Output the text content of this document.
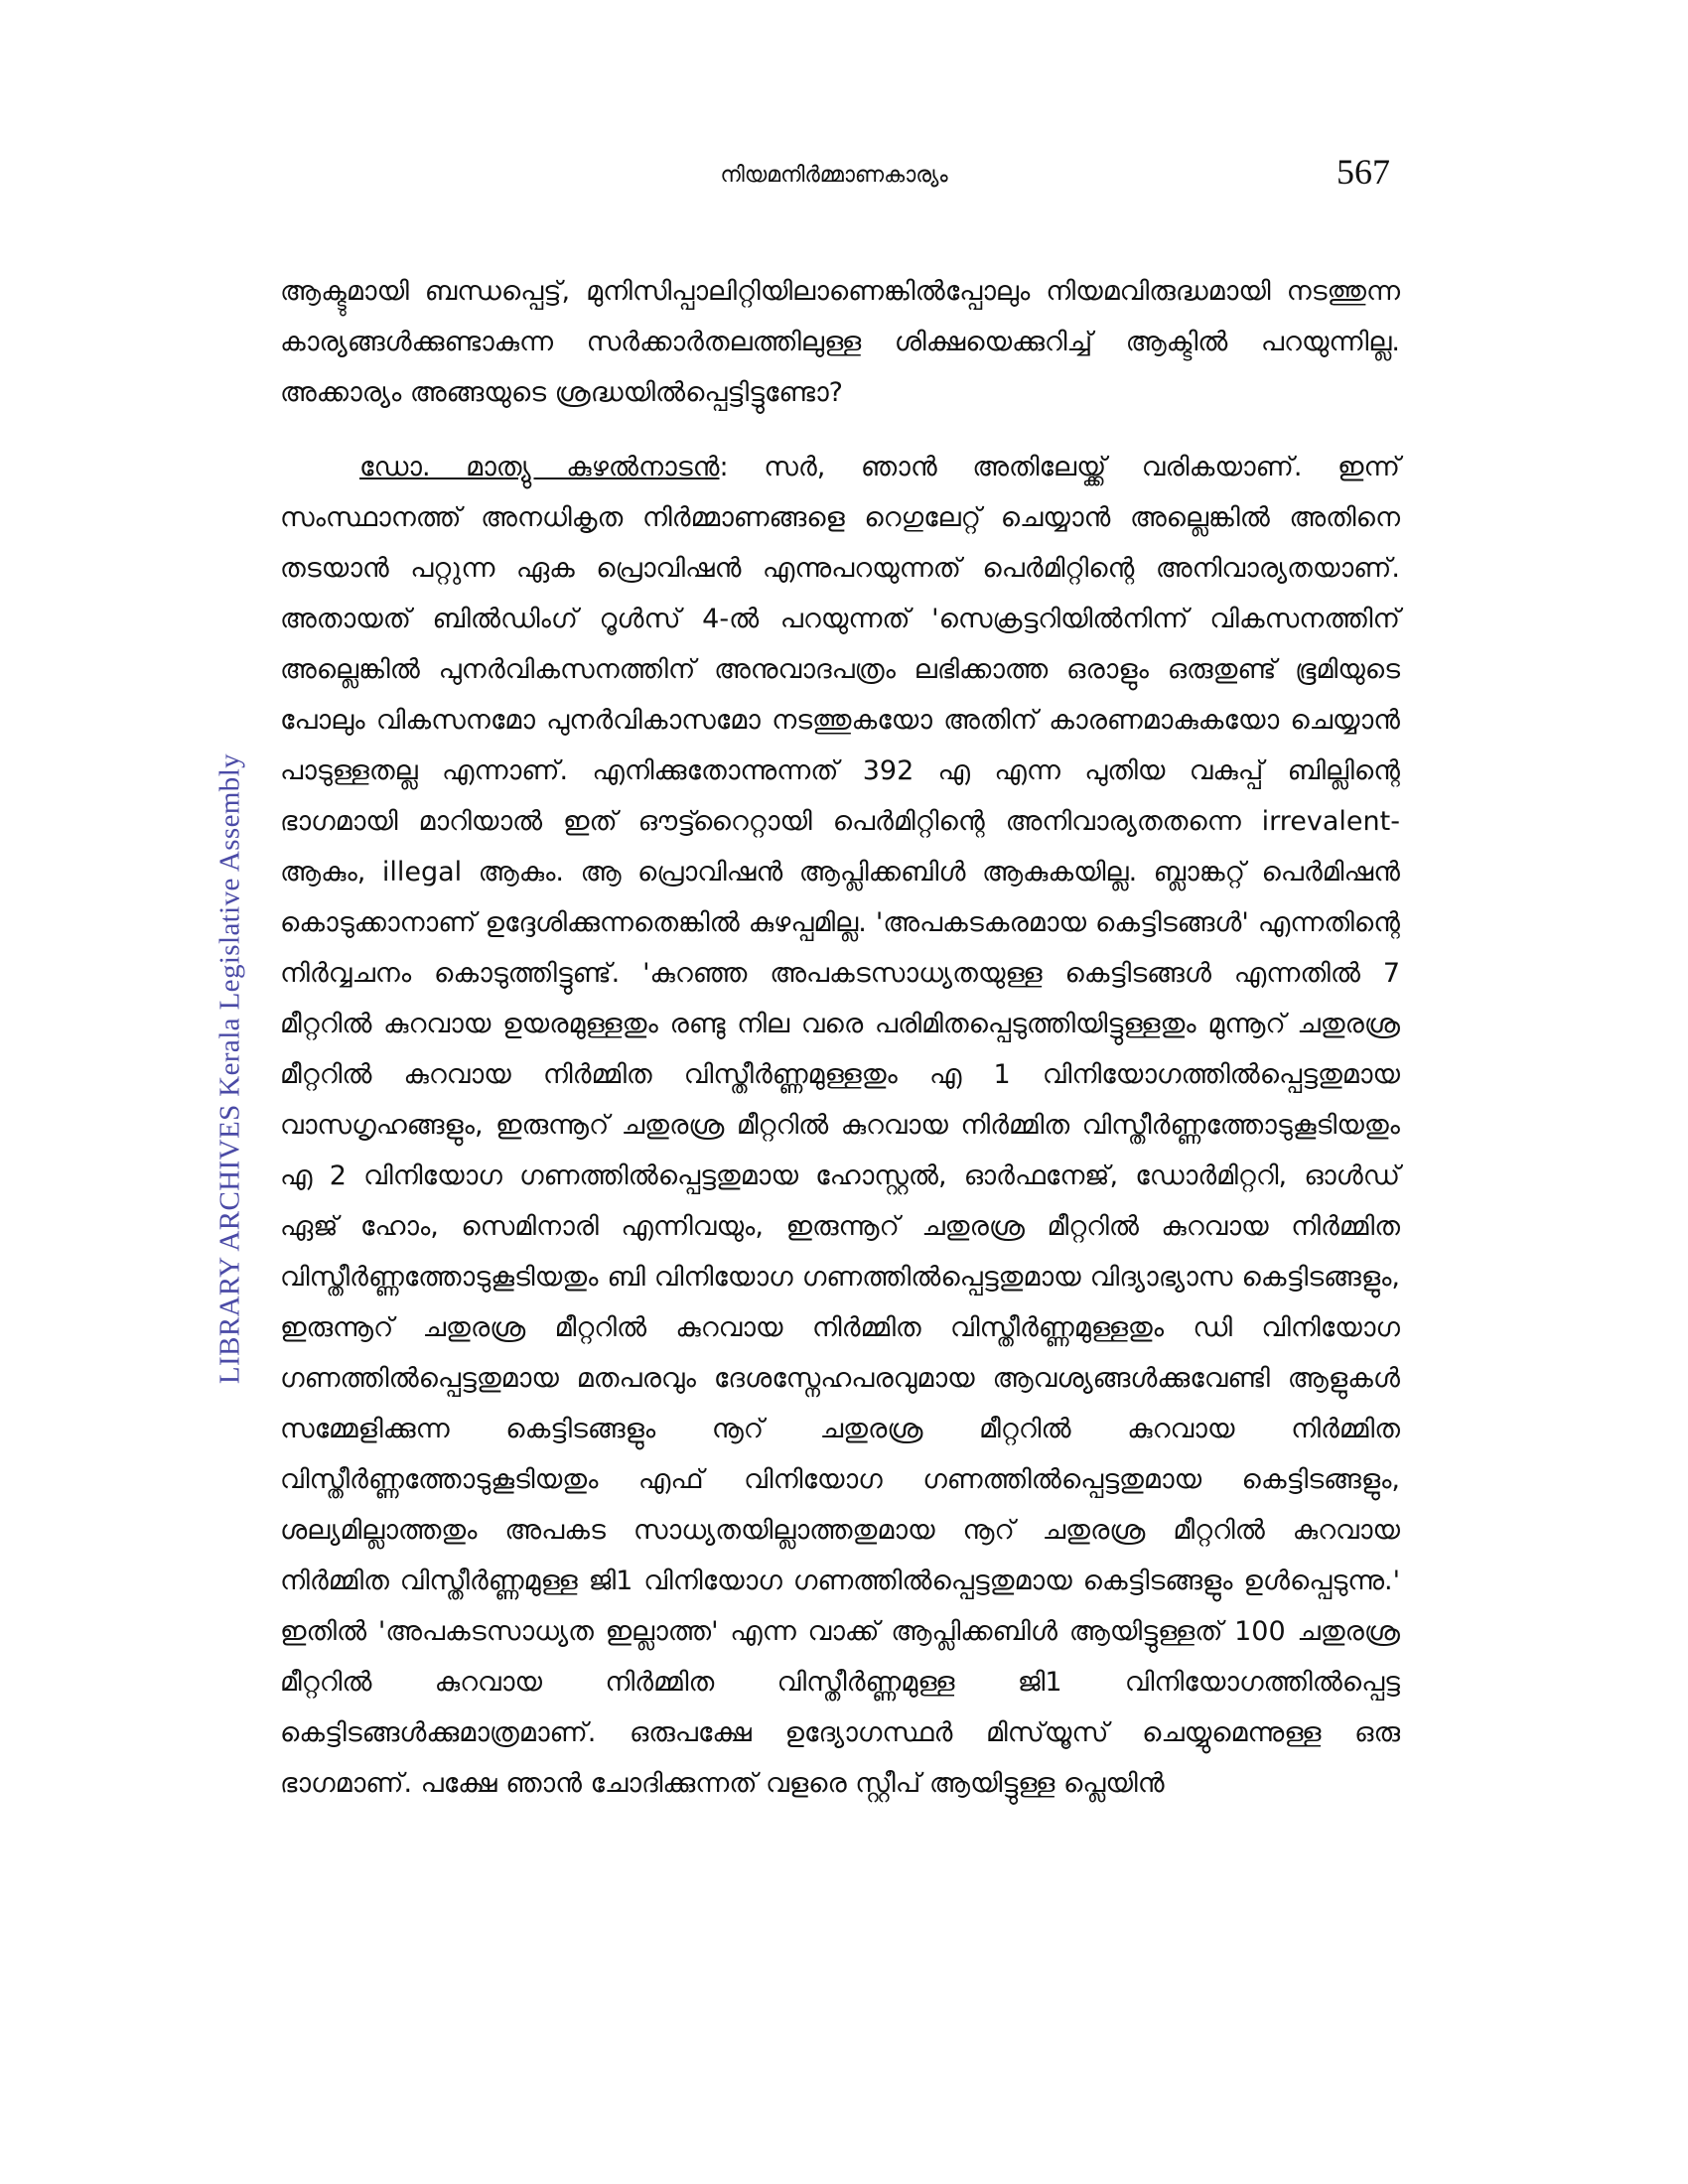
നിയമനിർമ്മാണകാര്യം	567
LIBRARY ARCHIVES Kerala Legislative Assembly

ആക്ടുമായി ബന്ധപ്പെട്ട്, മുനിസിപ്പാലിറ്റിയിലാണെങ്കിൽപ്പോലും നിയമവിരുദ്ധമായി നടത്തുന്ന കാര്യങ്ങൾക്കുണ്ടാകുന്ന സർക്കാർതലത്തിലുള്ള ശിക്ഷയെക്കുറിച്ച് ആക്ടിൽ പറയുന്നില്ല. അക്കാര്യം അങ്ങയുടെ ശ്രദ്ധയിൽപ്പെട്ടിട്ടുണ്ടോ?

ഡോ. മാത്യു കുഴൽനാടൻ: സർ, ഞാൻ അതിലേയ്ക്ക് വരികയാണ്. ഇന്ന് സംസ്ഥാനത്ത് അനധികൃത നിർമ്മാണങ്ങളെ റെഗുലേറ്റ് ചെയ്യാൻ അല്ലെങ്കിൽ അതിനെ തടയാൻ പറ്റുന്ന ഏക പ്രൊവിഷൻ എന്നുപറയുന്നത് പെർമിറ്റിന്റെ അനിവാര്യതയാണ്. അതായത് ബിൽഡിംഗ് റൂൾസ് 4-ൽ പറയുന്നത് 'സെക്രട്ടറിയിൽനിന്ന് വികസനത്തിന് അല്ലെങ്കിൽ പുനർവികസനത്തിന് അനുവാദപത്രം ലഭിക്കാത്ത ഒരാളും ഒരുതുണ്ട് ഭൂമിയുടെ പോലും വികസനമോ പുനർവികാസമോ നടത്തുകയോ അതിന് കാരണമാകുകയോ ചെയ്യാൻ പാടുള്ളതല്ല എന്നാണ്. എനിക്കുതോന്നുന്നത് 392 എ എന്ന പുതിയ വകുപ്പ് ബില്ലിന്റെ ഭാഗമായി മാറിയാൽ ഇത് ഔട്ട്റൈറ്റായി പെർമിറ്റിന്റെ അനിവാര്യതതന്നെ irrevalent-ആകും, illegal ആകും. ആ പ്രൊവിഷൻ ആപ്ലിക്കബിൾ ആകുകയില്ല. ബ്ലാങ്കറ്റ് പെർമിഷൻ കൊടുക്കാനാണ് ഉദ്ദേശിക്കുന്നതെങ്കിൽ കുഴപ്പമില്ല. 'അപകടകരമായ കെട്ടിടങ്ങൾ' എന്നതിന്റെ നിർവ്വചനം കൊടുത്തിട്ടുണ്ട്. 'കുറഞ്ഞ അപകടസാധ്യതയുള്ള കെട്ടിടങ്ങൾ എന്നതിൽ 7 മീറ്ററിൽ കുറവായ ഉയരമുള്ളതും രണ്ടു നില വരെ പരിമിതപ്പെടുത്തിയിട്ടുള്ളതും മുന്നൂറ് ചതുരശ്ര മീറ്ററിൽ കുറവായ നിർമ്മിത വിസ്തീർണ്ണമുള്ളതും എ 1 വിനിയോഗത്തിൽപ്പെട്ടതുമായ വാസഗൃഹങ്ങളും, ഇരുന്നൂറ് ചതുരശ്ര മീറ്ററിൽ കുറവായ നിർമ്മിത വിസ്തീർണ്ണത്തോടുകൂടിയതും എ 2 വിനിയോഗ ഗണത്തിൽപ്പെട്ടതുമായ ഹോസ്റ്റൽ, ഓർഫനേജ്, ഡോർമിറ്ററി, ഓൾഡ് ഏജ് ഹോം, സെമിനാരി എന്നിവയും, ഇരുന്നൂറ് ചതുരശ്ര മീറ്ററിൽ കുറവായ നിർമ്മിത വിസ്തീർണ്ണത്തോടുകൂടിയതും ബി വിനിയോഗ ഗണത്തിൽപ്പെട്ടതുമായ വിദ്യാഭ്യാസ കെട്ടിടങ്ങളും, ഇരുന്നൂറ് ചതുരശ്ര മീറ്ററിൽ കുറവായ നിർമ്മിത വിസ്തീർണ്ണമുള്ളതും ഡി വിനിയോഗ ഗണത്തിൽപ്പെട്ടതുമായ മതപരവും ദേശസ്നേഹപരവുമായ ആവശ്യങ്ങൾക്കുവേണ്ടി ആളുകൾ സമ്മേളിക്കുന്ന കെട്ടിടങ്ങളും നൂറ് ചതുരശ്ര മീറ്ററിൽ കുറവായ നിർമ്മിത വിസ്തീർണ്ണത്തോടുകൂടിയതും എഫ് വിനിയോഗ ഗണത്തിൽപ്പെട്ടതുമായ കെട്ടിടങ്ങളും, ശല്യമില്ലാത്തതും അപകട സാധ്യതയില്ലാത്തതുമായ നൂറ് ചതുരശ്ര മീറ്ററിൽ കുറവായ നിർമ്മിത വിസ്തീർണ്ണമുള്ള ജി1 വിനിയോഗ ഗണത്തിൽപ്പെട്ടതുമായ കെട്ടിടങ്ങളും ഉൾപ്പെടുന്നു.' ഇതിൽ 'അപകടസാധ്യത ഇല്ലാത്ത' എന്ന വാക്ക് ആപ്ലിക്കബിൾ ആയിട്ടുള്ളത് 100 ചതുരശ്ര മീറ്ററിൽ കുറവായ നിർമ്മിത വിസ്തീർണ്ണമുള്ള ജി1 വിനിയോഗത്തിൽപ്പെട്ട കെട്ടിടങ്ങൾക്കുമാത്രമാണ്. ഒരുപക്ഷേ ഉദ്യോഗസ്ഥർ മിസ്‌യൂസ് ചെയ്യുമെന്നുള്ള ഒരു ഭാഗമാണ്. പക്ഷേ ഞാൻ ചോദിക്കുന്നത് വളരെ സ്റ്റീപ് ആയിട്ടുള്ള പ്ലെയിൻ
